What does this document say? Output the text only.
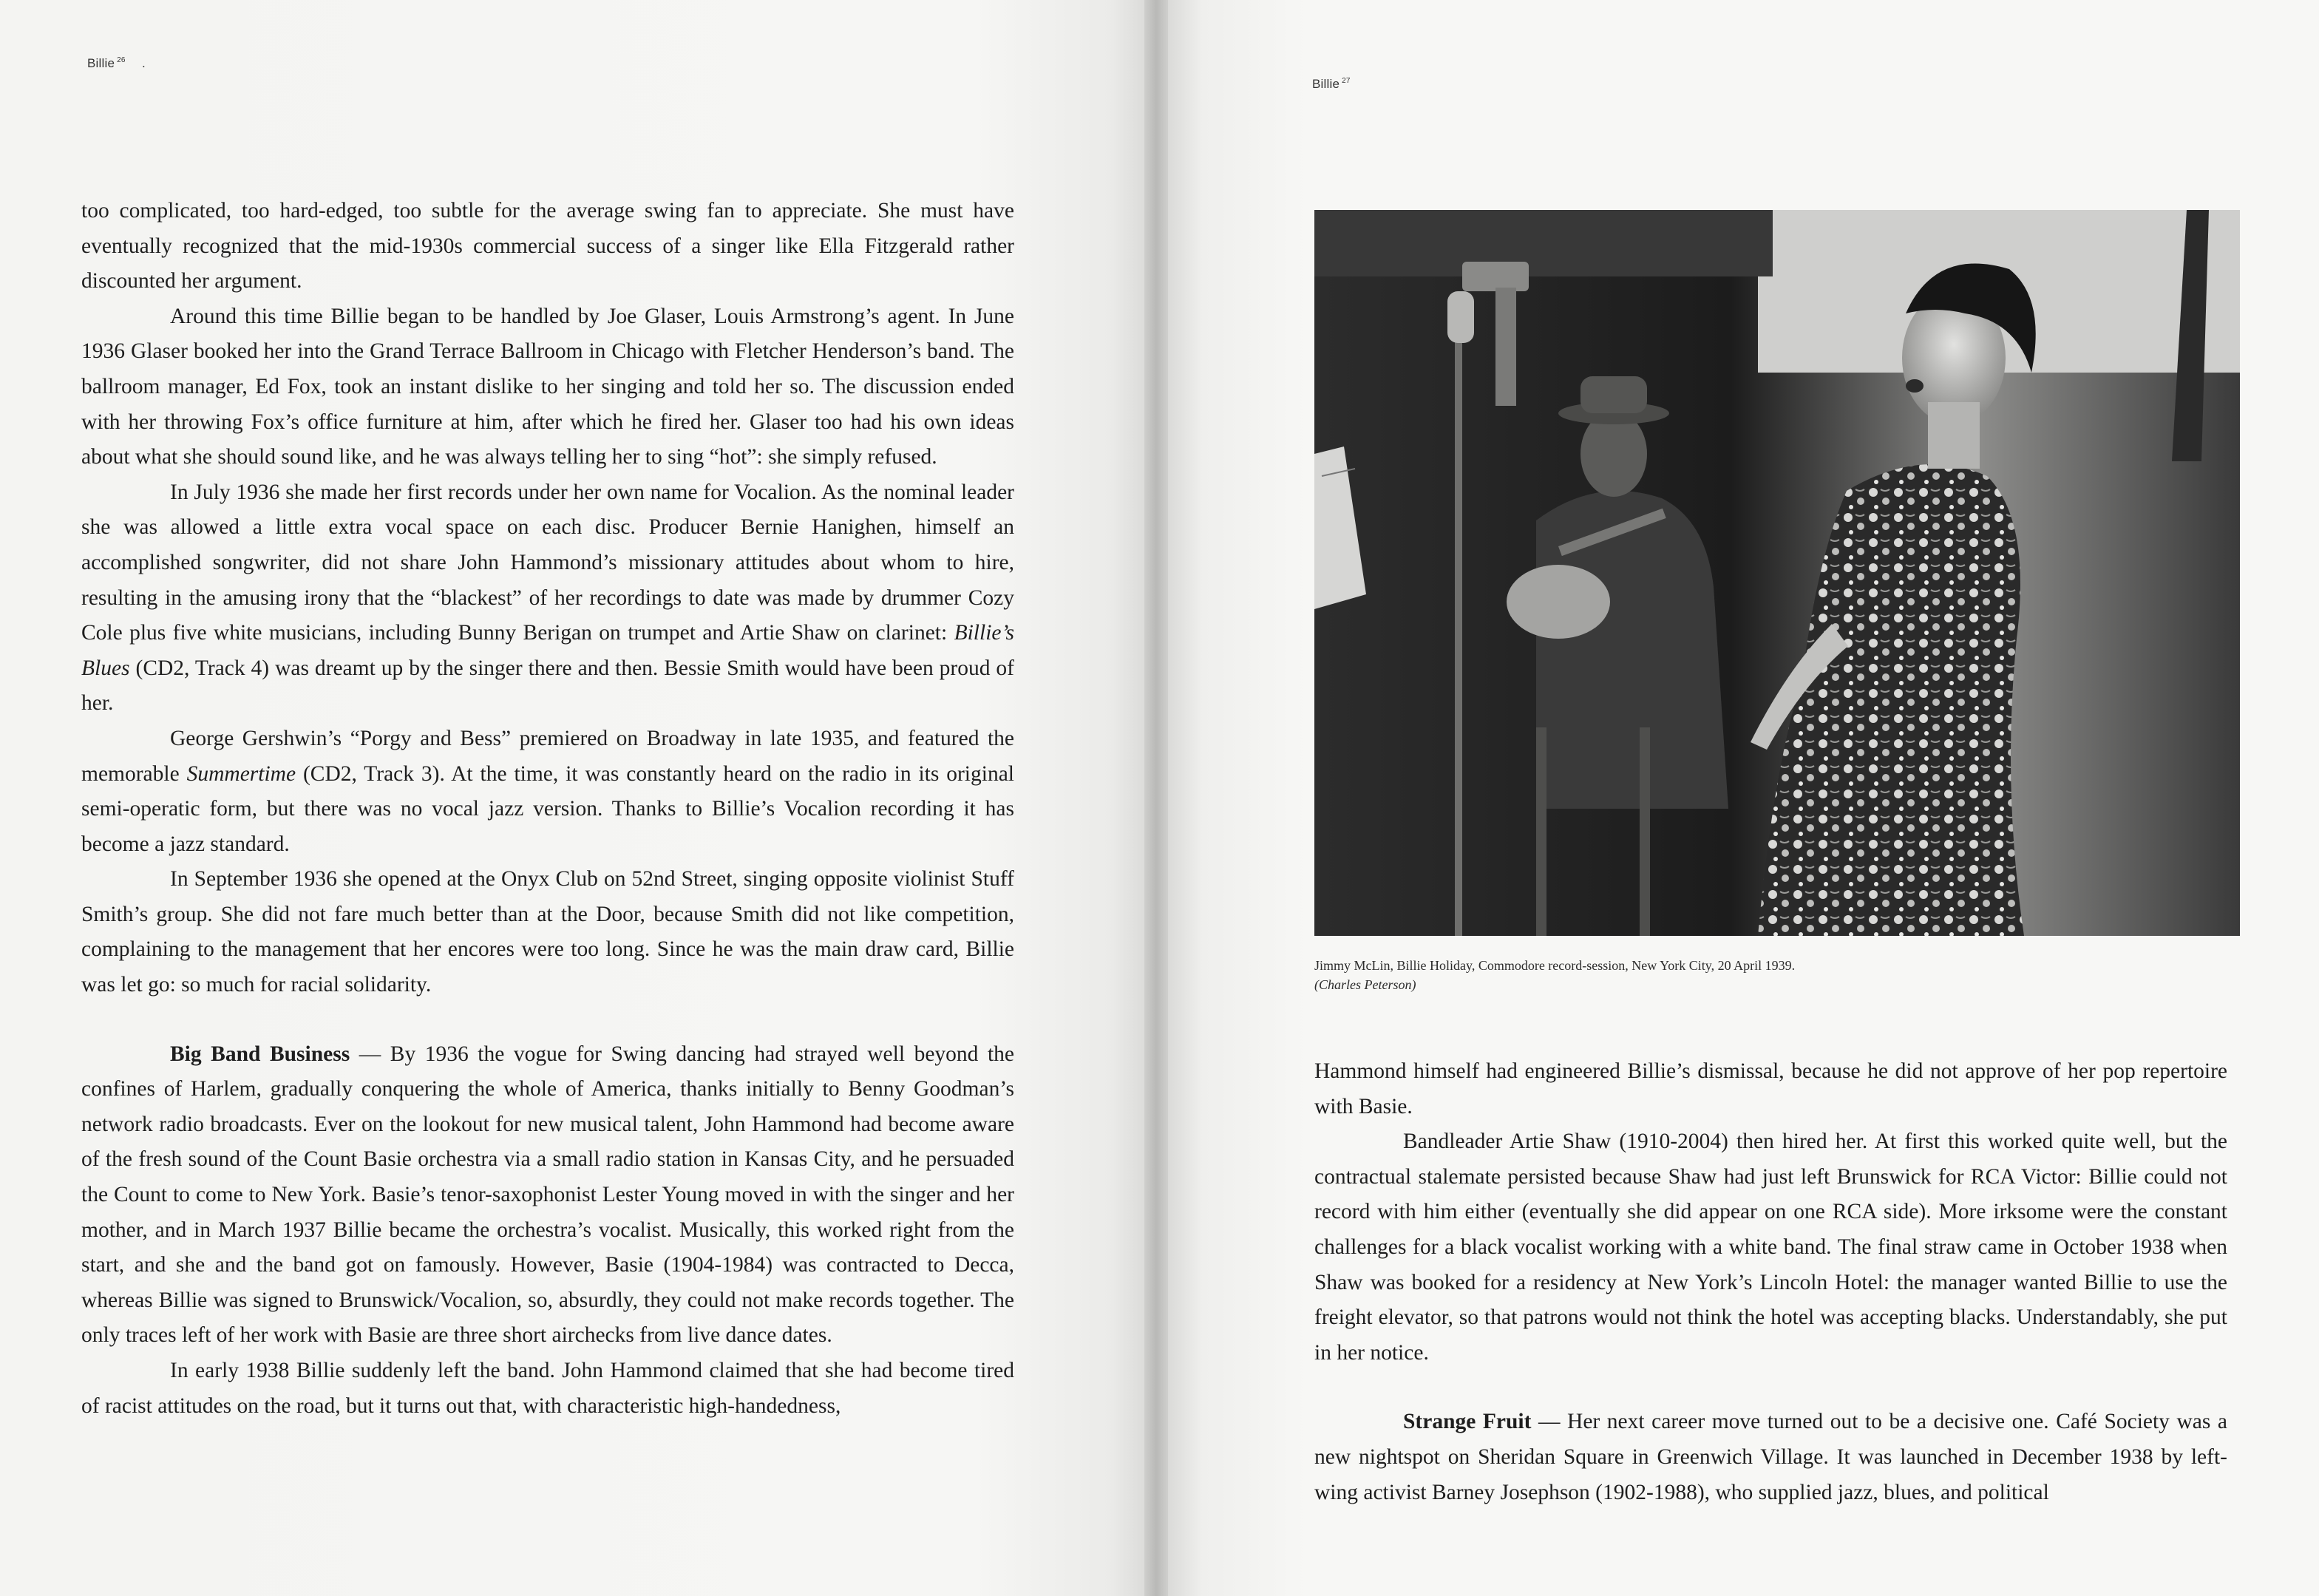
Billie $^{26}$ .

too complicated, too hard-edged, too subtle for the average swing fan to appreciate. She must have eventually recognized that the mid-1930s commercial success of a singer like Ella Fitzgerald rather discounted her argument.

Around this time Billie began to be handled by Joe Glaser, Louis Armstrong’s agent. In June 1936 Glaser booked her into the Grand Terrace Ballroom in Chicago with Fletcher Henderson’s band. The ballroom manager, Ed Fox, took an instant dislike to her singing and told her so. The discussion ended with her throwing Fox’s office furniture at him, after which he fired her. Glaser too had his own ideas about what she should sound like, and he was always telling her to sing “hot”: she simply refused.

In July 1936 she made her first records under her own name for Vocalion. As the nominal leader she was allowed a little extra vocal space on each disc. Producer Bernie Hanighen, himself an accomplished songwriter, did not share John Hammond’s missionary attitudes about whom to hire, resulting in the amusing irony that the “blackest” of her recordings to date was made by drummer Cozy Cole plus five white musicians, including Bunny Berigan on trumpet and Artie Shaw on clarinet: Billie’s Blues (CD2, Track 4) was dreamt up by the singer there and then. Bessie Smith would have been proud of her.

George Gershwin’s “Porgy and Bess” premiered on Broadway in late 1935, and featured the memorable Summertime (CD2, Track 3). At the time, it was constantly heard on the radio in its original semi-operatic form, but there was no vocal jazz version. Thanks to Billie’s Vocalion recording it has become a jazz standard.

In September 1936 she opened at the Onyx Club on 52nd Street, singing opposite violinist Stuff Smith’s group. She did not fare much better than at the Door, because Smith did not like competition, complaining to the management that her encores were too long. Since he was the main draw card, Billie was let go: so much for racial solidarity.

Big Band Business — By 1936 the vogue for Swing dancing had strayed well beyond the confines of Harlem, gradually conquering the whole of America, thanks initially to Benny Goodman’s network radio broadcasts. Ever on the lookout for new musical talent, John Hammond had become aware of the fresh sound of the Count Basie orchestra via a small radio station in Kansas City, and he persuaded the Count to come to New York. Basie’s tenor-saxophonist Lester Young moved in with the singer and her mother, and in March 1937 Billie became the orchestra’s vocalist. Musically, this worked right from the start, and she and the band got on famously. However, Basie (1904-1984) was contracted to Decca, whereas Billie was signed to Brunswick/Vocalion, so, absurdly, they could not make records together. The only traces left of her work with Basie are three short airchecks from live dance dates.

In early 1938 Billie suddenly left the band. John Hammond claimed that she had become tired of racist attitudes on the road, but it turns out that, with characteristic high-handedness,

Billie $^{27}$
Jimmy McLin, Billie Holiday, Commodore record-session, New York City, 20 April 1939.
(Charles Peterson)

Hammond himself had engineered Billie’s dismissal, because he did not approve of her pop repertoire with Basie.

Bandleader Artie Shaw (1910-2004) then hired her. At first this worked quite well, but the contractual stalemate persisted because Shaw had just left Brunswick for RCA Victor: Billie could not record with him either (eventually she did appear on one RCA side). More irksome were the constant challenges for a black vocalist working with a white band. The final straw came in October 1938 when Shaw was booked for a residency at New York’s Lincoln Hotel: the manager wanted Billie to use the freight elevator, so that patrons would not think the hotel was accepting blacks. Understandably, she put in her notice.

Strange Fruit — Her next career move turned out to be a decisive one. Café Society was a new nightspot on Sheridan Square in Greenwich Village. It was launched in December 1938 by left-wing activist Barney Josephson (1902-1988), who supplied jazz, blues, and political
